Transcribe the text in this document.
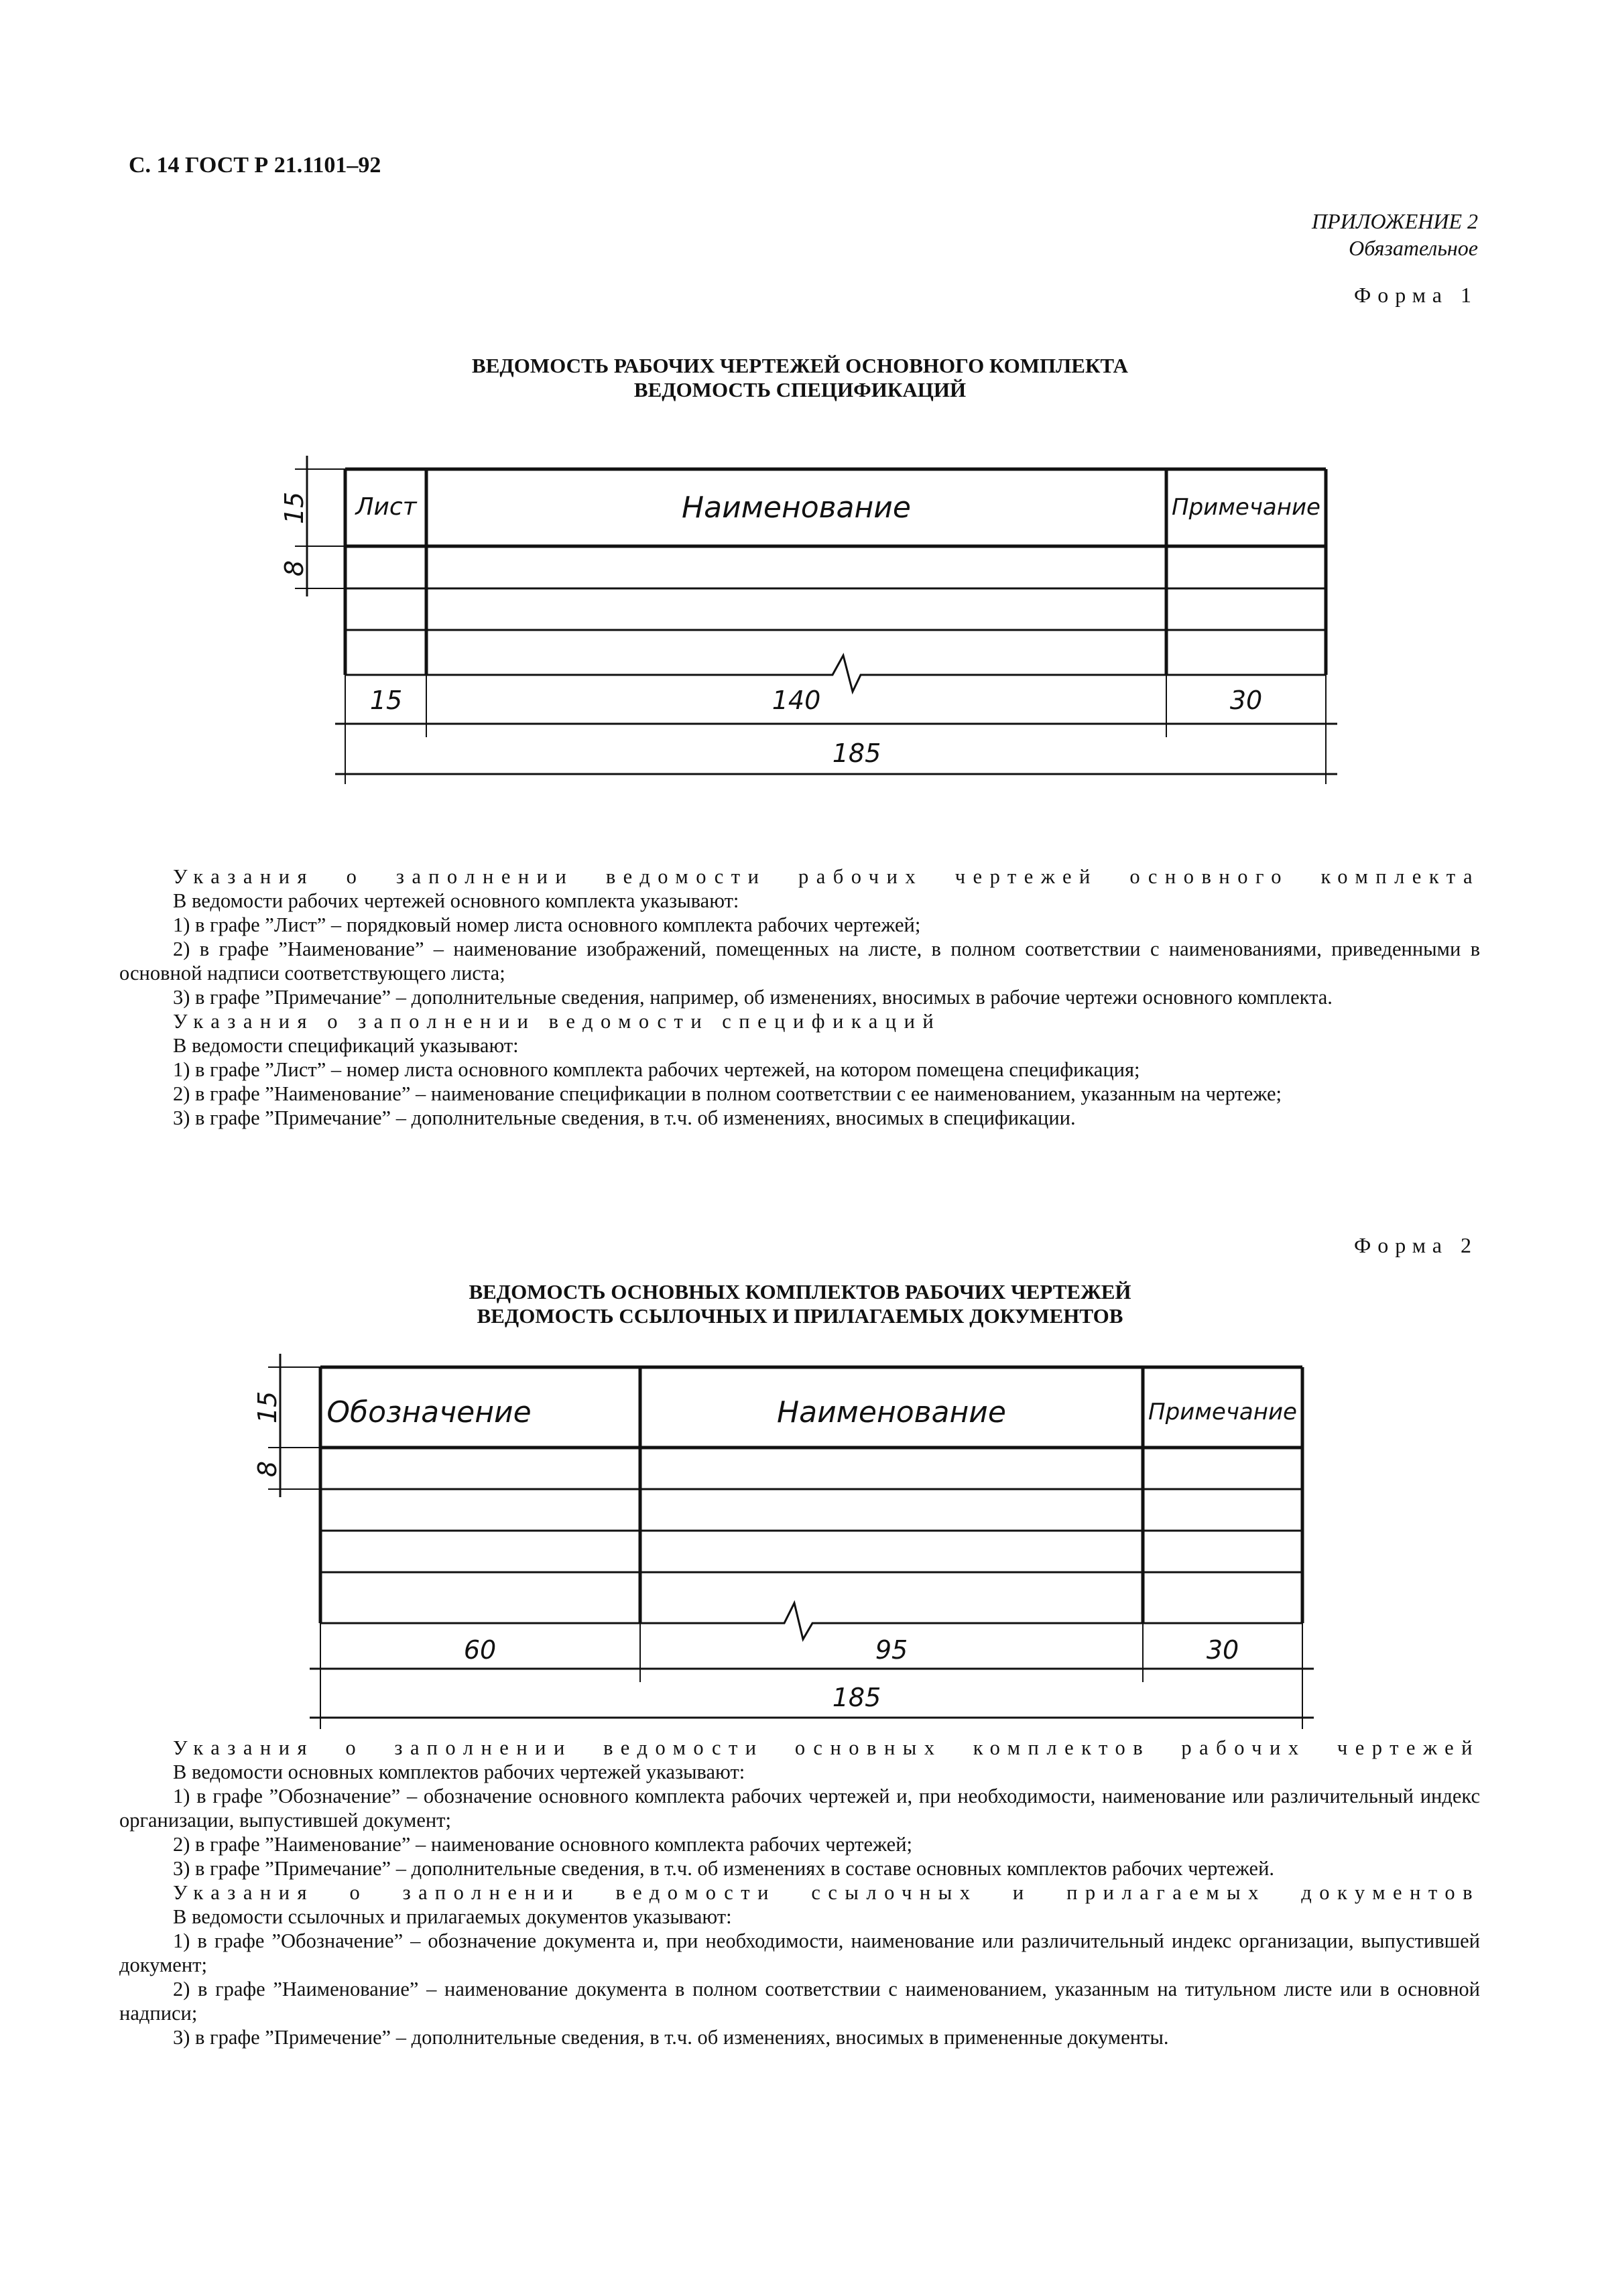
С. 14 ГОСТ Р 21.1101–92
ПРИЛОЖЕНИЕ 2
Обязательное
Форма 1
ВЕДОМОСТЬ РАБОЧИХ ЧЕРТЕЖЕЙ ОСНОВНОГО КОМПЛЕКТА
ВЕДОМОСТЬ СПЕЦИФИКАЦИЙ
Лист	Наименование	Примечание
15	140	30
185
15
8
Обозначение	Наименование	Примечание
60	95	30
185
15
8
Указания о заполнении ведомости рабочих чертежей основного комплекта

В ведомости рабочих чертежей основного комплекта указывают:

1) в графе ”Лист” – порядковый номер листа основного комплекта рабочих чертежей;

2) в графе ”Наименование” – наименование изображений, помещенных на листе, в полном соответствии с наименованиями, приведенными в основной надписи соответствующего листа;

3) в графе ”Примечание” – дополнительные сведения, например, об изменениях, вносимых в рабочие чертежи основного комплекта.

Указания о заполнении ведомости спецификаций

В ведомости спецификаций указывают:

1) в графе ”Лист” – номер листа основного комплекта рабочих чертежей, на котором помещена спецификация;

2) в графе ”Наименование” – наименование спецификации в полном соответствии с ее наименованием, указанным на чертеже;

3) в графе ”Примечание” – дополнительные сведения, в т.ч. об изменениях, вносимых в спецификации.

Форма 2
ВЕДОМОСТЬ ОСНОВНЫХ КОМПЛЕКТОВ РАБОЧИХ ЧЕРТЕЖЕЙ
ВЕДОМОСТЬ ССЫЛОЧНЫХ И ПРИЛАГАЕМЫХ ДОКУМЕНТОВ
Указания о заполнении ведомости основных комплектов рабочих чертежей

В ведомости основных комплектов рабочих чертежей указывают:

1) в графе ”Обозначение” – обозначение основного комплекта рабочих чертежей и, при необходимости, наименование или различительный индекс организации, выпустившей документ;

2) в графе ”Наименование” – наименование основного комплекта рабочих чертежей;

3) в графе ”Примечание” – дополнительные сведения, в т.ч. об изменениях в составе основных комплектов рабочих чертежей.

Указания о заполнении ведомости ссылочных и прилагаемых документов

В ведомости ссылочных и прилагаемых документов указывают:

1) в графе ”Обозначение” – обозначение документа и, при необходимости, наименование или различительный индекс организации, выпустившей документ;

2) в графе ”Наименование” – наименование документа в полном соответствии с наименованием, указанным на титульном листе или в основной надписи;

3) в графе ”Примечение” – дополнительные сведения, в т.ч. об изменениях, вносимых в примененные документы.
